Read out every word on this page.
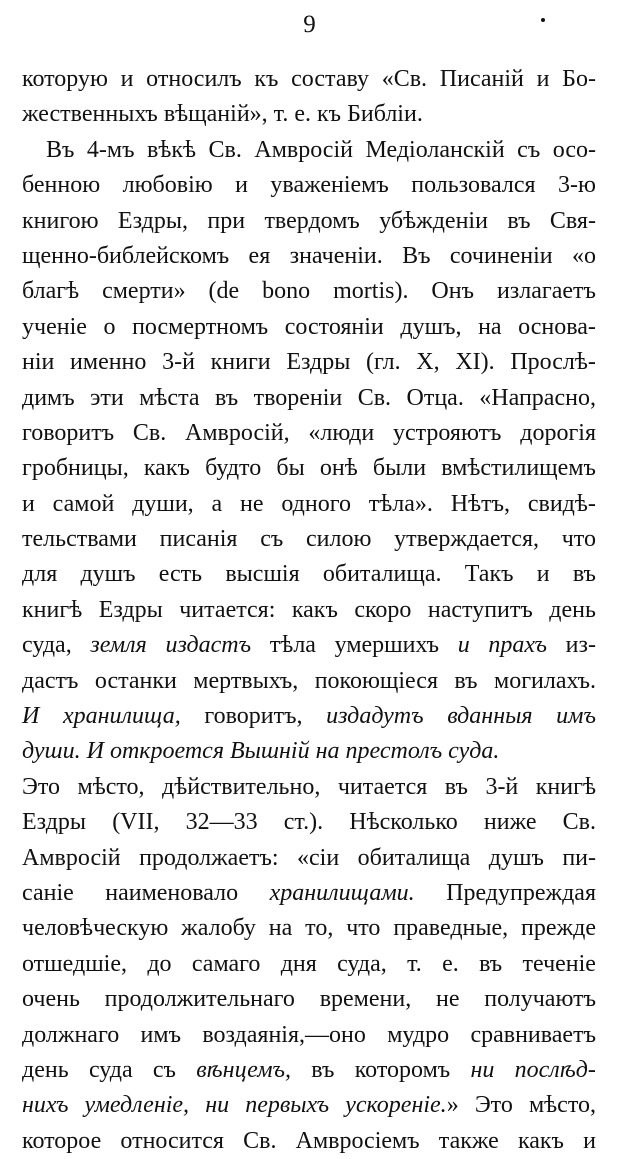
9
которую и относилъ къ составу «Св. Писаній и Бо-
жественныхъ
вѣщаній»,
т.
е.
къ
Библіи.
Въ 4-мъ вѣкѣ Св. Амвросій Медіоланскій съ осо-
бенною любовію и уваженіемъ пользовался 3-ю
книгою Ездры, при твердомъ убѣжденіи въ Свя-
щенно-библейскомъ ея значеніи. Въ сочиненіи «о
благѣ смерти» (de bono mortis). Онъ излагаетъ
ученіе о посмертномъ состояніи душъ, на основа-
ніи именно 3-й книги Ездры (гл. X, XI). Прослѣ-
димъ эти мѣста въ твореніи Св. Отца. «Напрасно,
говоритъ Св. Амвросій, «люди устрояютъ дорогія
гробницы, какъ будто бы онѣ были вмѣстилищемъ
и самой души, а не одного тѣла». Нѣтъ, свидѣ-
тельствами писанія съ силою утверждается, что
для душъ есть высшія обиталища. Такъ и въ
книгѣ Ездры читается: какъ скоро наступитъ день
суда, земля издастъ тѣла умершихъ и прахъ из-
дастъ останки мертвыхъ, покоющіеся въ могилахъ.
И хранилища, говоритъ, издадутъ вданныя имъ
души.
И
откроется
Вышній
на
престолъ
суда.
Это мѣсто, дѣйствительно, читается въ 3-й книгѣ
Ездры (VII, 32—33 ст.). Нѣсколько ниже Св.
Амвросій продолжаетъ: «сіи обиталища душъ пи-
саніе наименовало хранилищами. Предупреждая
человѣческую жалобу на то, что праведные, прежде
отшедшіе, до самаго дня суда, т. е. въ теченіе
очень продолжительнаго времени, не получаютъ
должнаго имъ воздаянія,—оно мудро сравниваетъ
день суда съ вѣнцемъ, въ которомъ ни послѣд-
нихъ умедленіе, ни первыхъ ускореніе.» Это мѣсто,
которое относится Св. Амвросіемъ также какъ и
